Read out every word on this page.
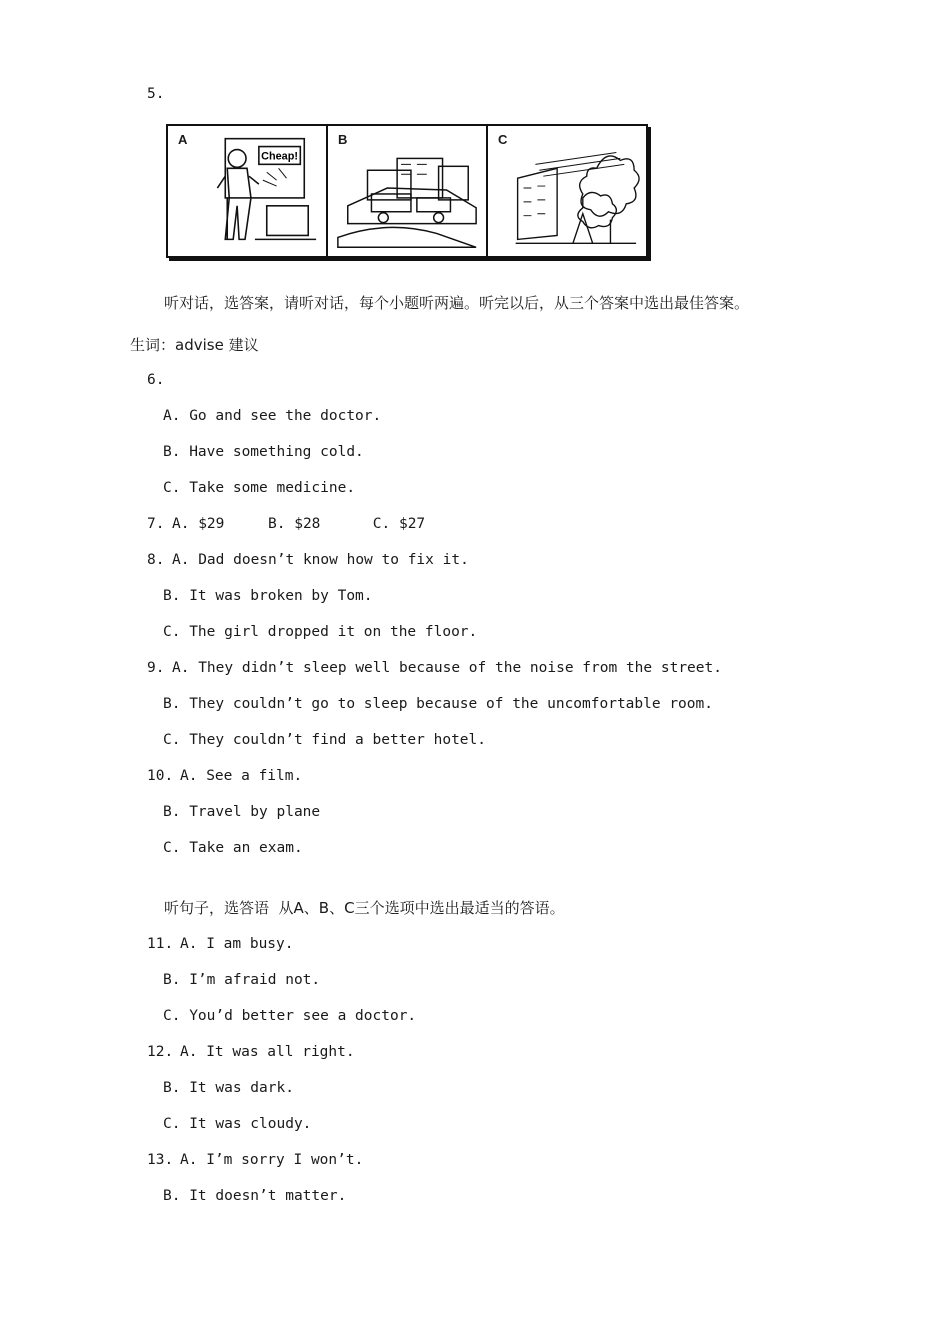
5.
A
Cheap!
B	C
听对话，选答案，请听对话，每个小题听两遍。听完以后，从三个答案中选出最佳答案。
生词：advise 建议
6.
A. Go and see the doctor.
B. Have something cold.
C. Take some medicine.
7. A. $29     B. $28      C. $27
8. A. Dad doesn’t know how to fix it.
B. It was broken by Tom.
C. The girl dropped it on the floor.
9. A. They didn’t sleep well because of the noise from the street.
B. They couldn’t go to sleep because of the uncomfortable room.
C. They couldn’t find a better hotel.
10. A. See a film.
B. Travel by plane
C. Take an exam.
听句子，选答语  从A、B、C三个选项中选出最适当的答语。
11. A. I am busy.
B. I’m afraid not.
C. You’d better see a doctor.
12. A. It was all right.
B. It was dark.
C. It was cloudy.
13. A. I’m sorry I won’t.
B. It doesn’t matter.
